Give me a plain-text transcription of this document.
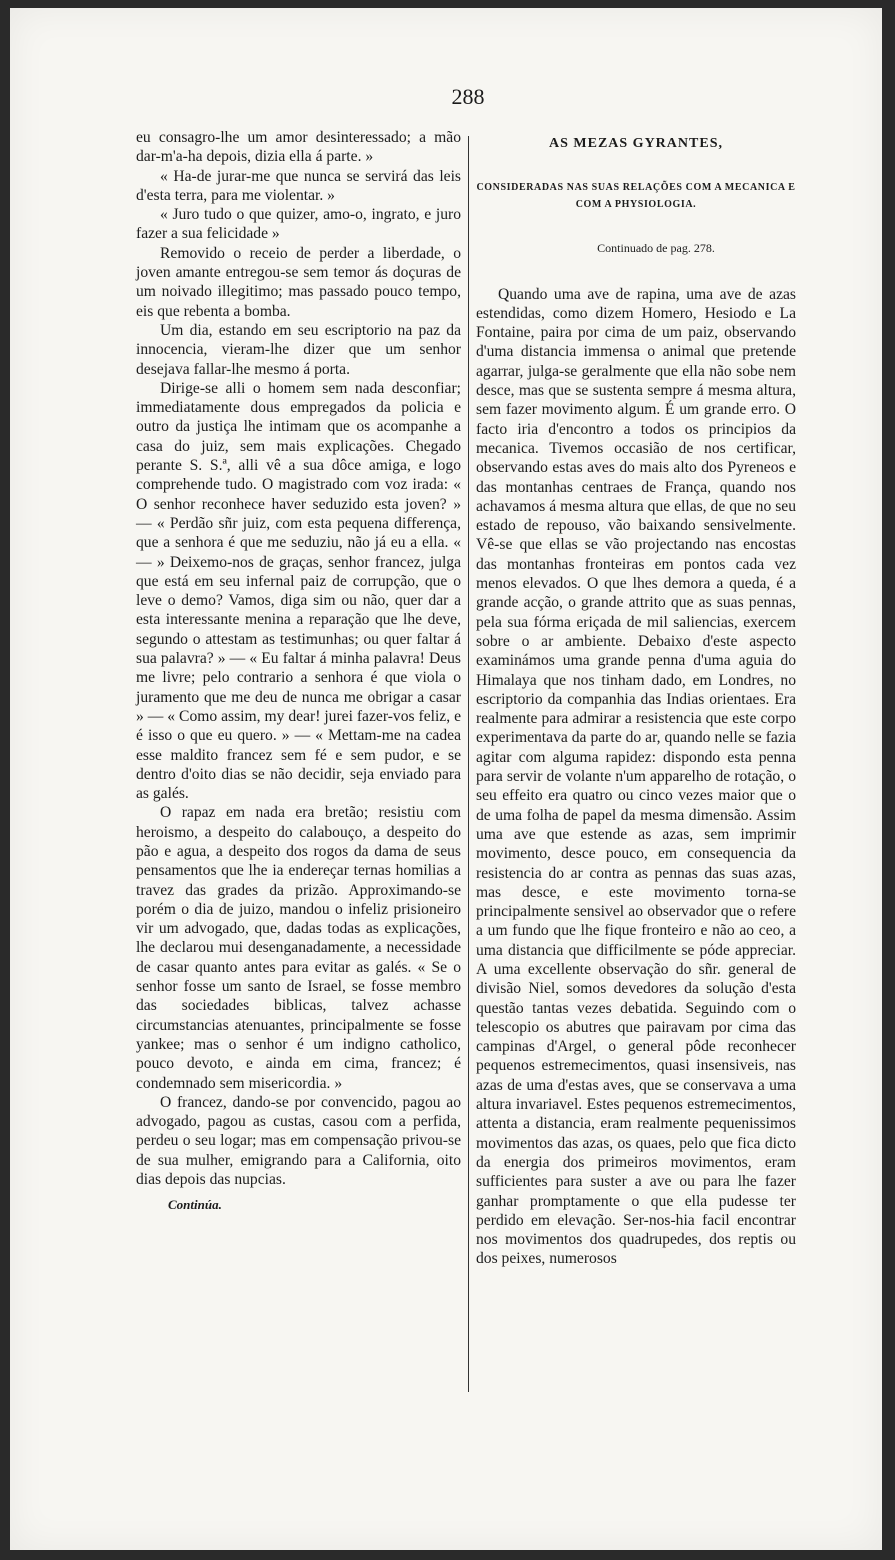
288

eu consagro-lhe um amor desinteressado; a mão dar-m'a-ha depois, dizia ella á parte. »

« Ha-de jurar-me que nunca se servirá das leis d'esta terra, para me violentar. »

« Juro tudo o que quizer, amo-o, ingrato, e juro fazer a sua felicidade »

Removido o receio de perder a liberdade, o joven amante entregou-se sem temor ás doçuras de um noivado illegitimo; mas passado pouco tempo, eis que rebenta a bomba.

Um dia, estando em seu escriptorio na paz da innocencia, vieram-lhe dizer que um senhor desejava fallar-lhe mesmo á porta.

Dirige-se alli o homem sem nada desconfiar; immediatamente dous empregados da policia e outro da justiça lhe intimam que os acompanhe a casa do juiz, sem mais explicações. Chegado perante S. S.ª, alli vê a sua dôce amiga, e logo comprehende tudo. O magistrado com voz irada: « O senhor reconhece haver seduzido esta joven? » — « Perdão sñr juiz, com esta pequena differença, que a senhora é que me seduziu, não já eu a ella. « — » Deixemo-nos de graças, senhor francez, julga que está em seu infernal paiz de corrupção, que o leve o demo? Vamos, diga sim ou não, quer dar a esta interessante menina a reparação que lhe deve, segundo o attestam as testimunhas; ou quer faltar á sua palavra? » — « Eu faltar á minha palavra! Deus me livre; pelo contrario a senhora é que viola o juramento que me deu de nunca me obrigar a casar » — « Como assim, my dear! jurei fazer-vos feliz, e é isso o que eu quero. » — « Mettam-me na cadea esse maldito francez sem fé e sem pudor, e se dentro d'oito dias se não decidir, seja enviado para as galés.

O rapaz em nada era bretão; resistiu com heroismo, a despeito do calabouço, a despeito do pão e agua, a despeito dos rogos da dama de seus pensamentos que lhe ia endereçar ternas homilias a travez das grades da prizão. Approximando-se porém o dia de juizo, mandou o infeliz prisioneiro vir um advogado, que, dadas todas as explicações, lhe declarou mui desenganadamente, a necessidade de casar quanto antes para evitar as galés. « Se o senhor fosse um santo de Israel, se fosse membro das sociedades biblicas, talvez achasse circumstancias atenuantes, principalmente se fosse yankee; mas o senhor é um indigno catholico, pouco devoto, e ainda em cima, francez; é condemnado sem misericordia. »

O francez, dando-se por convencido, pagou ao advogado, pagou as custas, casou com a perfida, perdeu o seu logar; mas em compensação privou-se de sua mulher, emigrando para a California, oito dias depois das nupcias.

Continúa.
AS MEZAS GYRANTES,
CONSIDERADAS NAS SUAS RELAÇÕES COM A MECANICA E COM A PHYSIOLOGIA.
Continuado de pag. 278.

Quando uma ave de rapina, uma ave de azas estendidas, como dizem Homero, Hesiodo e La Fontaine, paira por cima de um paiz, observando d'uma distancia immensa o animal que pretende agarrar, julga-se geralmente que ella não sobe nem desce, mas que se sustenta sempre á mesma altura, sem fazer movimento algum. É um grande erro. O facto iria d'encontro a todos os principios da mecanica. Tivemos occasião de nos certificar, observando estas aves do mais alto dos Pyreneos e das montanhas centraes de França, quando nos achavamos á mesma altura que ellas, de que no seu estado de repouso, vão baixando sensivelmente. Vê-se que ellas se vão projectando nas encostas das montanhas fronteiras em pontos cada vez menos elevados. O que lhes demora a queda, é a grande acção, o grande attrito que as suas pennas, pela sua fórma eriçada de mil saliencias, exercem sobre o ar ambiente. Debaixo d'este aspecto examinámos uma grande penna d'uma aguia do Himalaya que nos tinham dado, em Londres, no escriptorio da companhia das Indias orientaes. Era realmente para admirar a resistencia que este corpo experimentava da parte do ar, quando nelle se fazia agitar com alguma rapidez: dispondo esta penna para servir de volante n'um apparelho de rotação, o seu effeito era quatro ou cinco vezes maior que o de uma folha de papel da mesma dimensão. Assim uma ave que estende as azas, sem imprimir movimento, desce pouco, em consequencia da resistencia do ar contra as pennas das suas azas, mas desce, e este movimento torna-se principalmente sensivel ao observador que o refere a um fundo que lhe fique fronteiro e não ao ceo, a uma distancia que difficilmente se póde appreciar. A uma excellente observação do sñr. general de divisão Niel, somos devedores da solução d'esta questão tantas vezes debatida. Seguindo com o telescopio os abutres que pairavam por cima das campinas d'Argel, o general pôde reconhecer pequenos estremecimentos, quasi insensiveis, nas azas de uma d'estas aves, que se conservava a uma altura invariavel. Estes pequenos estremecimentos, attenta a distancia, eram realmente pequenissimos movimentos das azas, os quaes, pelo que fica dicto da energia dos primeiros movimentos, eram sufficientes para suster a ave ou para lhe fazer ganhar promptamente o que ella pudesse ter perdido em elevação. Ser-nos-hia facil encontrar nos movimentos dos quadrupedes, dos reptis ou dos peixes, numerosos
